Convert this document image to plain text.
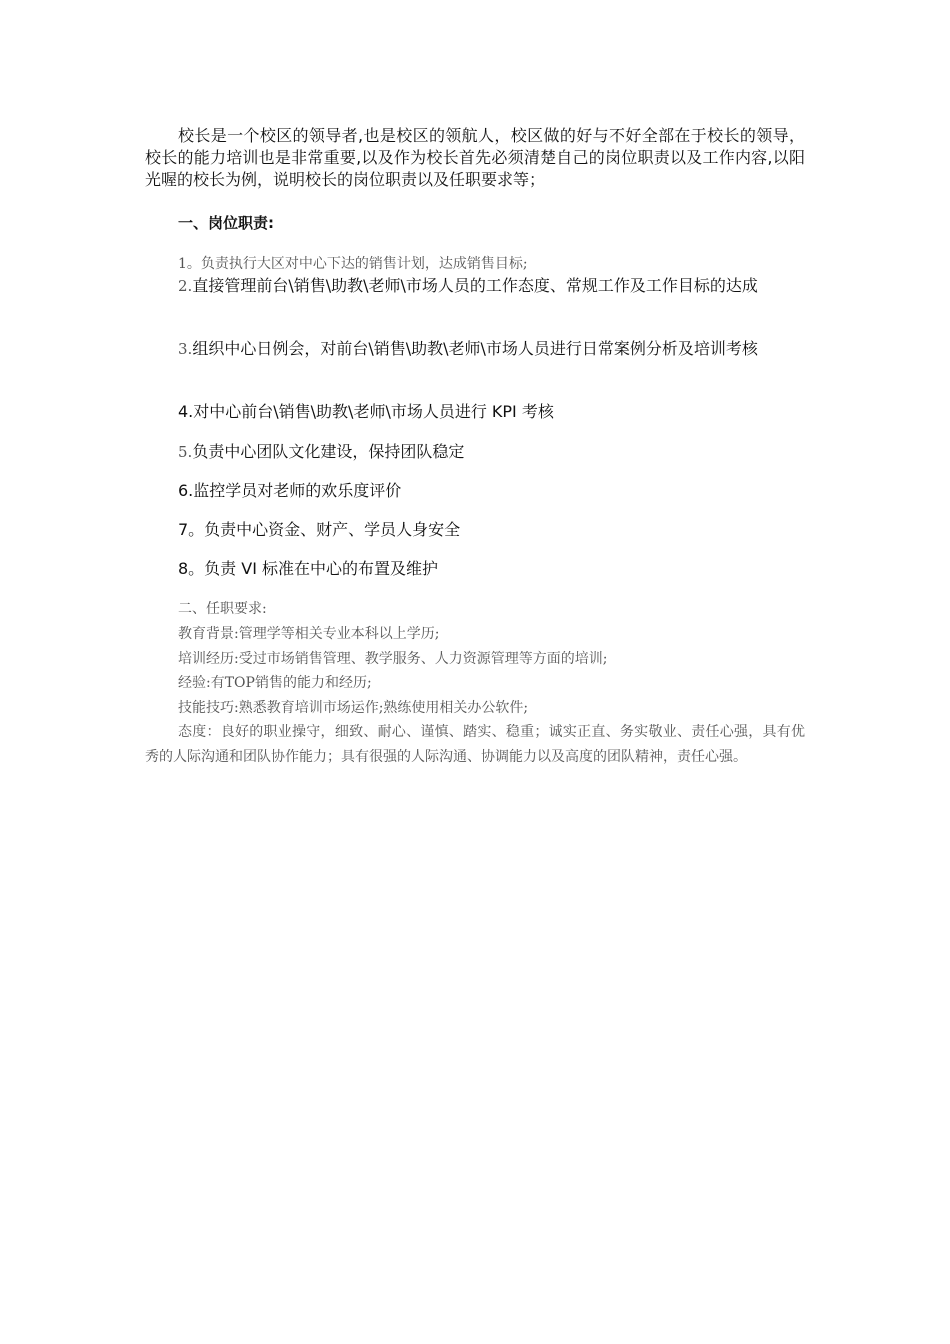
校长是一个校区的领导者,也是校区的领航人，校区做的好与不好全部在于校长的领导，校长的能力培训也是非常重要,以及作为校长首先必须清楚自己的岗位职责以及工作内容,以阳光喔的校长为例，说明校长的岗位职责以及任职要求等；

一、岗位职责:
1。负责执行大区对中心下达的销售计划，达成销售目标;
2.直接管理前台\销售\助教\老师\市场人员的工作态度、常规工作及工作目标的达成
3.组织中心日例会，对前台\销售\助教\老师\市场人员进行日常案例分析及培训考核
4.对中心前台\销售\助教\老师\市场人员进行 KPI 考核
5.负责中心团队文化建设，保持团队稳定
6.监控学员对老师的欢乐度评价
7。负责中心资金、财产、学员人身安全
8。负责 VI 标准在中心的布置及维护
二、任职要求:
教育背景:管理学等相关专业本科以上学历;
培训经历:受过市场销售管理、教学服务、人力资源管理等方面的培训;
经验:有TOP销售的能力和经历;
技能技巧:熟悉教育培训市场运作;熟练使用相关办公软件;

态度：良好的职业操守，细致、耐心、谨慎、踏实、稳重；诚实正直、务实敬业、责任心强，具有优秀的人际沟通和团队协作能力；具有很强的人际沟通、协调能力以及高度的团队精神，责任心强。
